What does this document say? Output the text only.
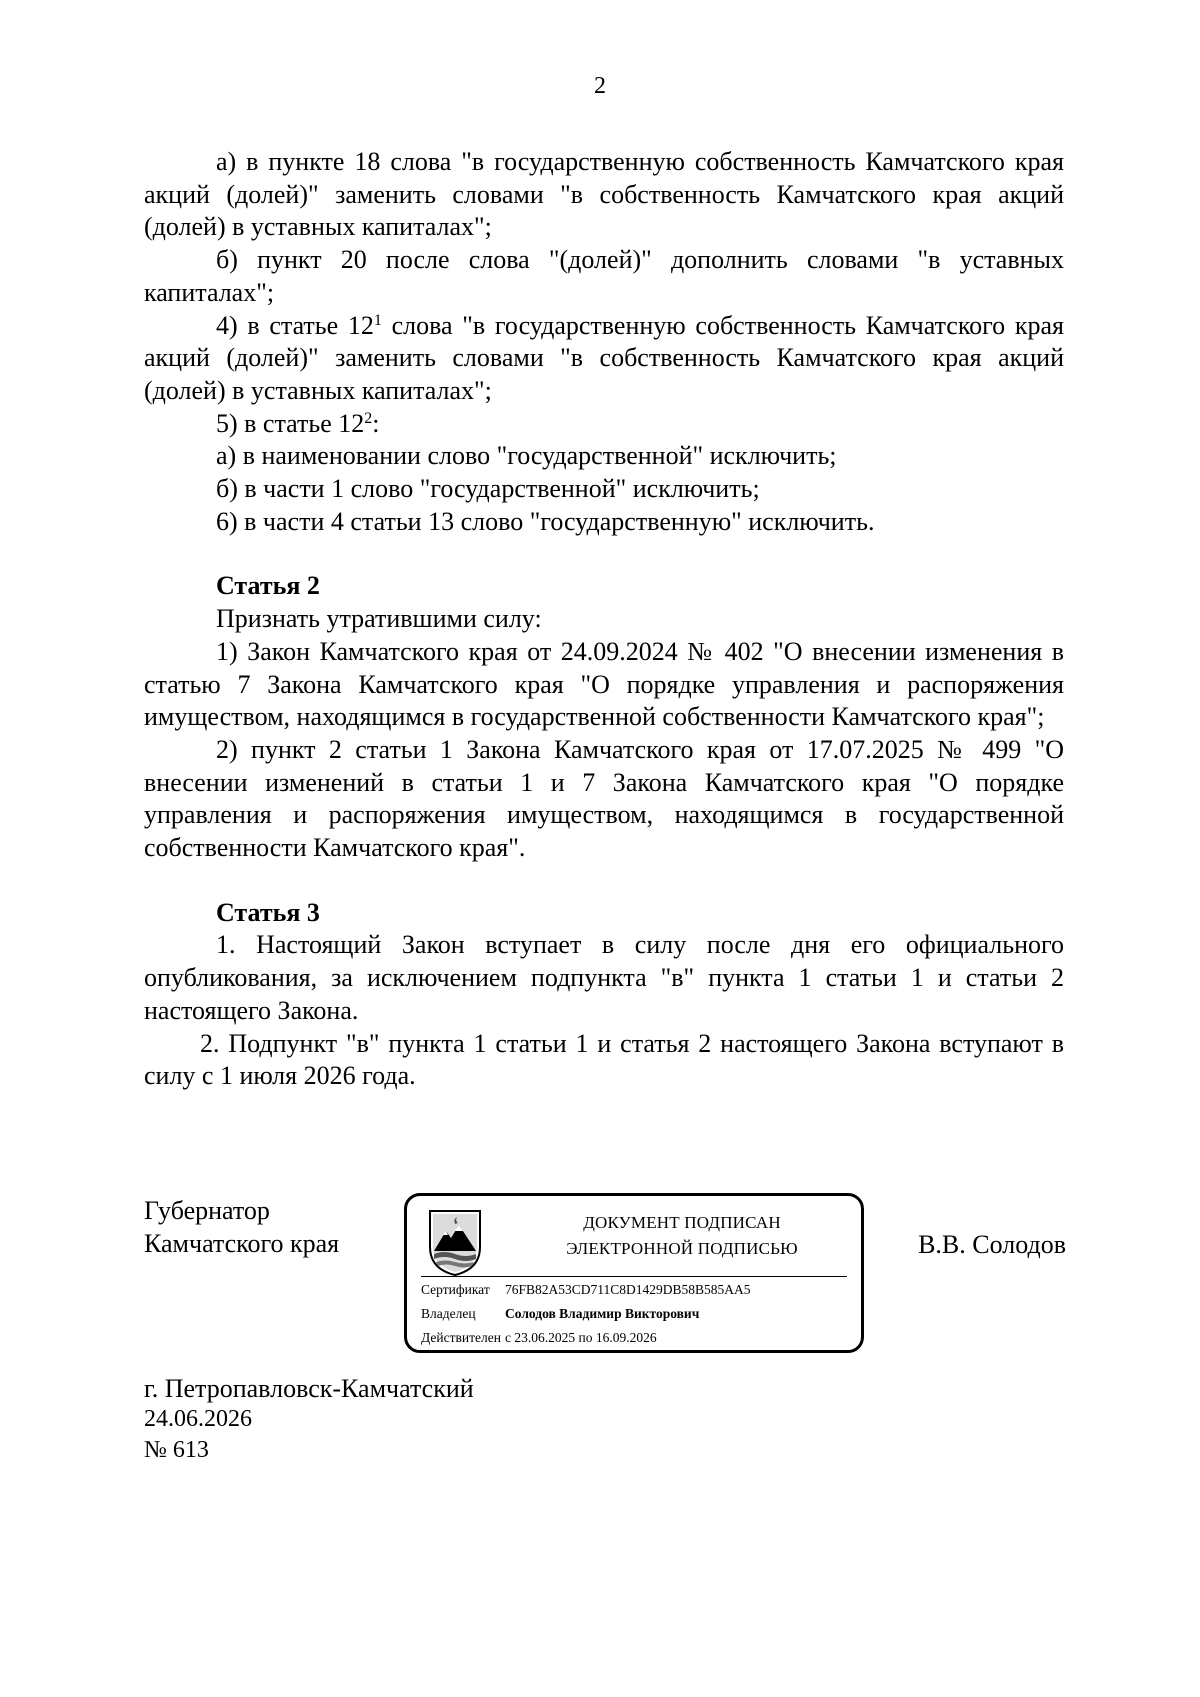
2

а) в пункте 18 слова "в государственную собственность Камчатского края акций (долей)" заменить словами "в собственность Камчатского края акций (долей) в уставных капиталах";

б) пункт 20 после слова "(долей)" дополнить словами "в уставных капиталах";

4) в статье $12^1$ слова "в государственную собственность Камчатского края акций (долей)" заменить словами "в собственность Камчатского края акций (долей) в уставных капиталах";

5) в статье $12^2$:

а) в наименовании слово "государственной" исключить;

б) в части 1 слово "государственной" исключить;

6) в части 4 статьи 13 слово "государственную" исключить.

Статья 2

Признать утратившими силу:

1) Закон Камчатского края от 24.09.2024 № 402 "О внесении изменения в статью 7 Закона Камчатского края "О порядке управления и распоряжения имуществом, находящимся в государственной собственности Камчатского края";

2) пункт 2 статьи 1 Закона Камчатского края от 17.07.2025 № 499 "О внесении изменений в статьи 1 и 7 Закона Камчатского края "О порядке управления и распоряжения имуществом, находящимся в государственной собственности Камчатского края".

Статья 3

1. Настоящий Закон вступает в силу после дня его официального опубликования, за исключением подпункта "в" пункта 1 статьи 1 и статьи 2 настоящего Закона.

2. Подпункт "в" пункта 1 статьи 1 и статья 2 настоящего Закона вступают в силу с 1 июля 2026 года.

Губернатор
Камчатского края
ДОКУМЕНТ ПОДПИСАН
ЭЛЕКТРОННОЙ ПОДПИСЬЮ
Сертификат 76FB82A53CD711C8D1429DB58B585AA5
Владелец Солодов Владимир Викторович
Действителен с 23.06.2025 по 16.09.2026
В.В. Солодов
г. Петропавловск-Камчатский
24.06.2026
№ 613
